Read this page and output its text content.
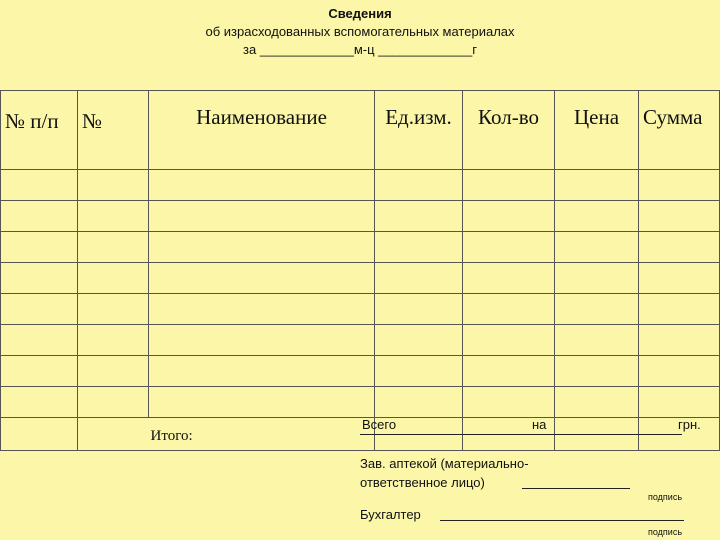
Сведения
об израсходованных вспомогательных материалах
за _____________м-ц _____________г
№ п/п	№	Наименование	Ед.изм.	Кол-во	Цена	Сумма

		Итого:				

Всего	на	грн.
Зав. аптекой (материально-
ответственное лицо)
подпись
Бухгалтер
подпись
